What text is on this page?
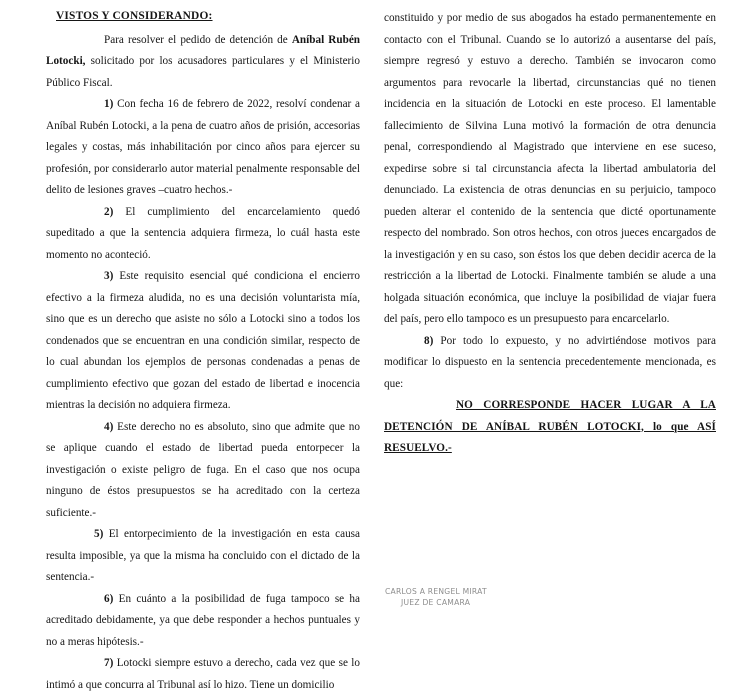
VISTOS Y CONSIDERANDO:

Para resolver el pedido de detención de Aníbal Rubén Lotocki, solicitado por los acusadores particulares y el Ministerio Público Fiscal.

1) Con fecha 16 de febrero de 2022, resolví condenar a Aníbal Rubén Lotocki, a la pena de cuatro años de prisión, accesorias legales y costas, más inhabilitación por cinco años para ejercer su profesión, por considerarlo autor material penalmente responsable del delito de lesiones graves –cuatro hechos.-

2) El cumplimiento del encarcelamiento quedó supeditado a que la sentencia adquiera firmeza, lo cuál hasta este momento no aconteció.

3) Este requisito esencial qué condiciona el encierro efectivo a la firmeza aludida, no es una decisión voluntarista mía, sino que es un derecho que asiste no sólo a Lotocki sino a todos los condenados que se encuentran en una condición similar, respecto de lo cual abundan los ejemplos de personas condenadas a penas de cumplimiento efectivo que gozan del estado de libertad e inocencia mientras la decisión no adquiera firmeza.

4) Este derecho no es absoluto, sino que admite que no se aplique cuando el estado de libertad pueda entorpecer la investigación o existe peligro de fuga. En el caso que nos ocupa ninguno de éstos presupuestos se ha acreditado con la certeza suficiente.-

5) El entorpecimiento de la investigación en esta causa resulta imposible, ya que la misma ha concluido con el dictado de la sentencia.-

6) En cuánto a la posibilidad de fuga tampoco se ha acreditado debidamente, ya que debe responder a hechos puntuales y no a meras hipótesis.-

7) Lotocki siempre estuvo a derecho, cada vez que se lo intimó a que concurra al Tribunal así lo hizo. Tiene un domicilio

constituido y por medio de sus abogados ha estado permanentemente en contacto con el Tribunal. Cuando se lo autorizó a ausentarse del país, siempre regresó y estuvo a derecho. También se invocaron como argumentos para revocarle la libertad, circunstancias qué no tienen incidencia en la situación de Lotocki en este proceso. El lamentable fallecimiento de Silvina Luna motivó la formación de otra denuncia penal, correspondiendo al Magistrado que interviene en ese suceso, expedirse sobre si tal circunstancia afecta la libertad ambulatoria del denunciado. La existencia de otras denuncias en su perjuicio, tampoco pueden alterar el contenido de la sentencia que dicté oportunamente respecto del nombrado. Son otros hechos, con otros jueces encargados de la investigación y en su caso, son éstos los que deben decidir acerca de la restricción a la libertad de Lotocki. Finalmente también se alude a una holgada situación económica, que incluye la posibilidad de viajar fuera del país, pero ello tampoco es un presupuesto para encarcelarlo.

8) Por todo lo expuesto, y no advirtiéndose motivos para modificar lo dispuesto en la sentencia precedentemente mencionada, es que:

NO CORRESPONDE HACER LUGAR A LA DETENCIÓN DE ANÍBAL RUBÉN LOTOCKI, lo que ASÍ RESUELVO.-

CARLOS A RENGEL MIRAT
JUEZ DE CAMARA
